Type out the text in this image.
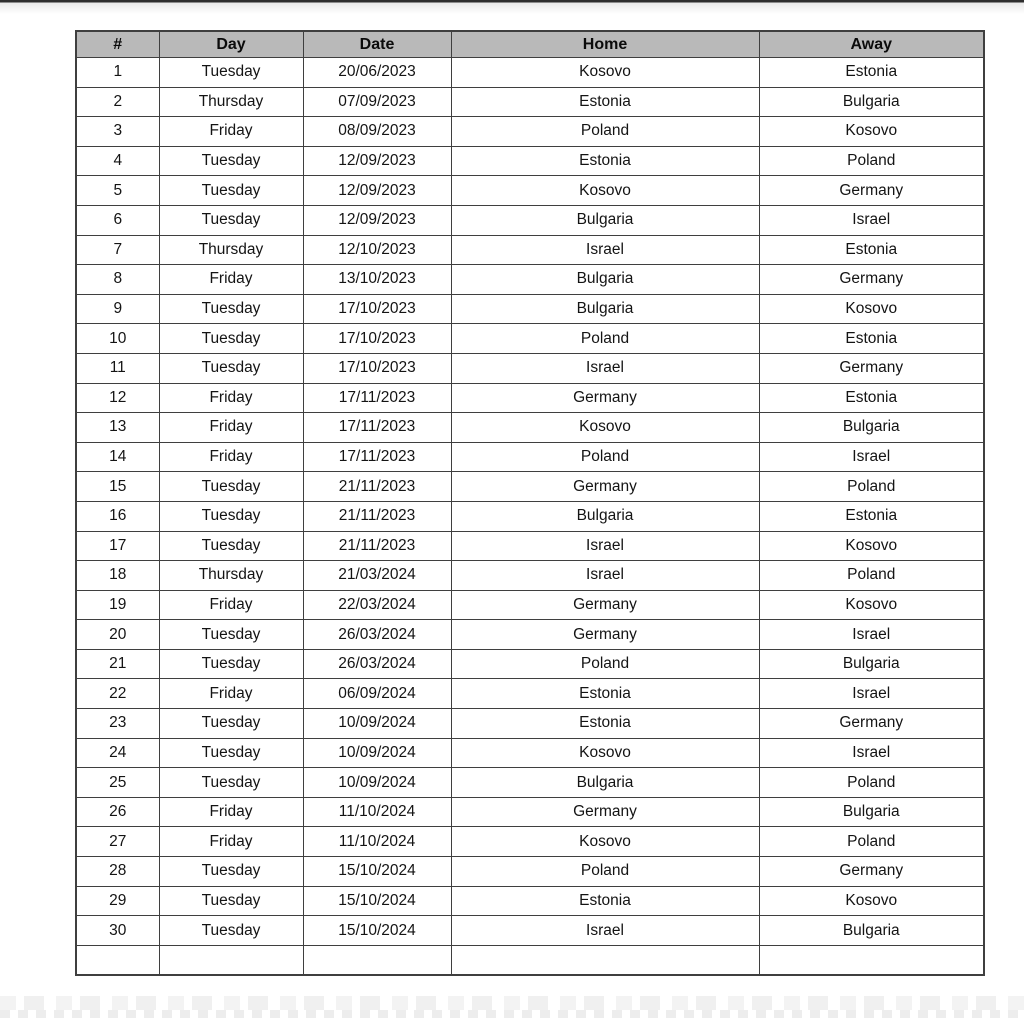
#	Day	Date	Home	Away
1	Tuesday	20/06/2023	Kosovo	Estonia
2	Thursday	07/09/2023	Estonia	Bulgaria
3	Friday	08/09/2023	Poland	Kosovo
4	Tuesday	12/09/2023	Estonia	Poland
5	Tuesday	12/09/2023	Kosovo	Germany
6	Tuesday	12/09/2023	Bulgaria	Israel
7	Thursday	12/10/2023	Israel	Estonia
8	Friday	13/10/2023	Bulgaria	Germany
9	Tuesday	17/10/2023	Bulgaria	Kosovo
10	Tuesday	17/10/2023	Poland	Estonia
11	Tuesday	17/10/2023	Israel	Germany
12	Friday	17/11/2023	Germany	Estonia
13	Friday	17/11/2023	Kosovo	Bulgaria
14	Friday	17/11/2023	Poland	Israel
15	Tuesday	21/11/2023	Germany	Poland
16	Tuesday	21/11/2023	Bulgaria	Estonia
17	Tuesday	21/11/2023	Israel	Kosovo
18	Thursday	21/03/2024	Israel	Poland
19	Friday	22/03/2024	Germany	Kosovo
20	Tuesday	26/03/2024	Germany	Israel
21	Tuesday	26/03/2024	Poland	Bulgaria
22	Friday	06/09/2024	Estonia	Israel
23	Tuesday	10/09/2024	Estonia	Germany
24	Tuesday	10/09/2024	Kosovo	Israel
25	Tuesday	10/09/2024	Bulgaria	Poland
26	Friday	11/10/2024	Germany	Bulgaria
27	Friday	11/10/2024	Kosovo	Poland
28	Tuesday	15/10/2024	Poland	Germany
29	Tuesday	15/10/2024	Estonia	Kosovo
30	Tuesday	15/10/2024	Israel	Bulgaria
